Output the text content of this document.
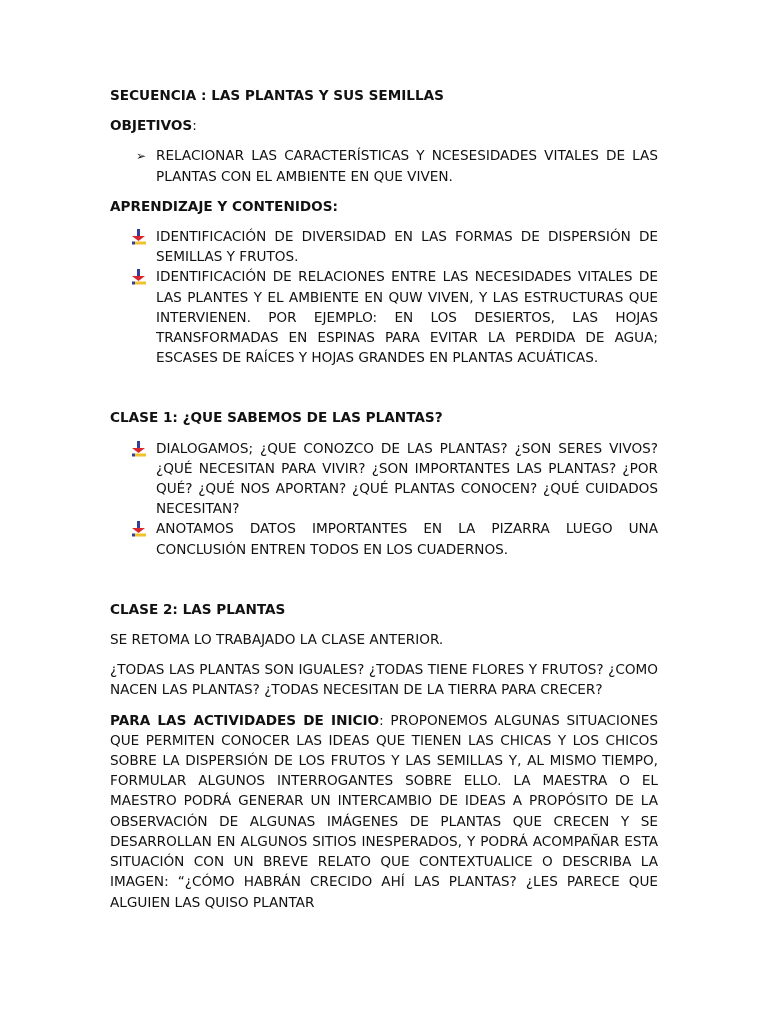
SECUENCIA : LAS PLANTAS Y SUS SEMILLAS

OBJETIVOS:

➢ RELACIONAR LAS CARACTERÍSTICAS Y NCESESIDADES VITALES DE LAS PLANTAS CON EL AMBIENTE EN QUE VIVEN.

APRENDIZAJE Y CONTENIDOS:

IDENTIFICACIÓN DE DIVERSIDAD EN LAS FORMAS DE DISPERSIÓN DE SEMILLAS Y FRUTOS.
IDENTIFICACIÓN DE RELACIONES ENTRE LAS NECESIDADES VITALES DE LAS PLANTES Y EL AMBIENTE EN QUW VIVEN, Y LAS ESTRUCTURAS QUE INTERVIENEN. POR EJEMPLO: EN LOS DESIERTOS, LAS HOJAS TRANSFORMADAS EN ESPINAS PARA EVITAR LA PERDIDA DE AGUA; ESCASES DE RAÍCES Y HOJAS GRANDES EN PLANTAS ACUÁTICAS.

CLASE 1: ¿QUE SABEMOS DE LAS PLANTAS?

DIALOGAMOS; ¿QUE CONOZCO DE LAS PLANTAS? ¿SON SERES VIVOS? ¿QUÉ NECESITAN PARA VIVIR? ¿SON IMPORTANTES LAS PLANTAS? ¿POR QUÉ? ¿QUÉ NOS APORTAN? ¿QUÉ PLANTAS CONOCEN? ¿QUÉ CUIDADOS NECESITAN?
ANOTAMOS DATOS IMPORTANTES EN LA PIZARRA LUEGO UNA CONCLUSIÓN ENTREN TODOS EN LOS CUADERNOS.

CLASE 2: LAS PLANTAS

SE RETOMA LO TRABAJADO LA CLASE ANTERIOR.

¿TODAS LAS PLANTAS SON IGUALES? ¿TODAS TIENE FLORES Y FRUTOS? ¿COMO NACEN LAS PLANTAS? ¿TODAS NECESITAN DE LA TIERRA PARA CRECER?

PARA LAS ACTIVIDADES DE INICIO: PROPONEMOS ALGUNAS SITUACIONES QUE PERMITEN CONOCER LAS IDEAS QUE TIENEN LAS CHICAS Y LOS CHICOS SOBRE LA DISPERSIÓN DE LOS FRUTOS Y LAS SEMILLAS Y, AL MISMO TIEMPO, FORMULAR ALGUNOS INTERROGANTES SOBRE ELLO. LA MAESTRA O EL MAESTRO PODRÁ GENERAR UN INTERCAMBIO DE IDEAS A PROPÓSITO DE LA OBSERVACIÓN DE ALGUNAS IMÁGENES DE PLANTAS QUE CRECEN Y SE DESARROLLAN EN ALGUNOS SITIOS INESPERADOS, Y PODRÁ ACOMPAÑAR ESTA SITUACIÓN CON UN BREVE RELATO QUE CONTEXTUALICE O DESCRIBA LA IMAGEN: “¿CÓMO HABRÁN CRECIDO AHÍ LAS PLANTAS? ¿LES PARECE QUE ALGUIEN LAS QUISO PLANTAR
